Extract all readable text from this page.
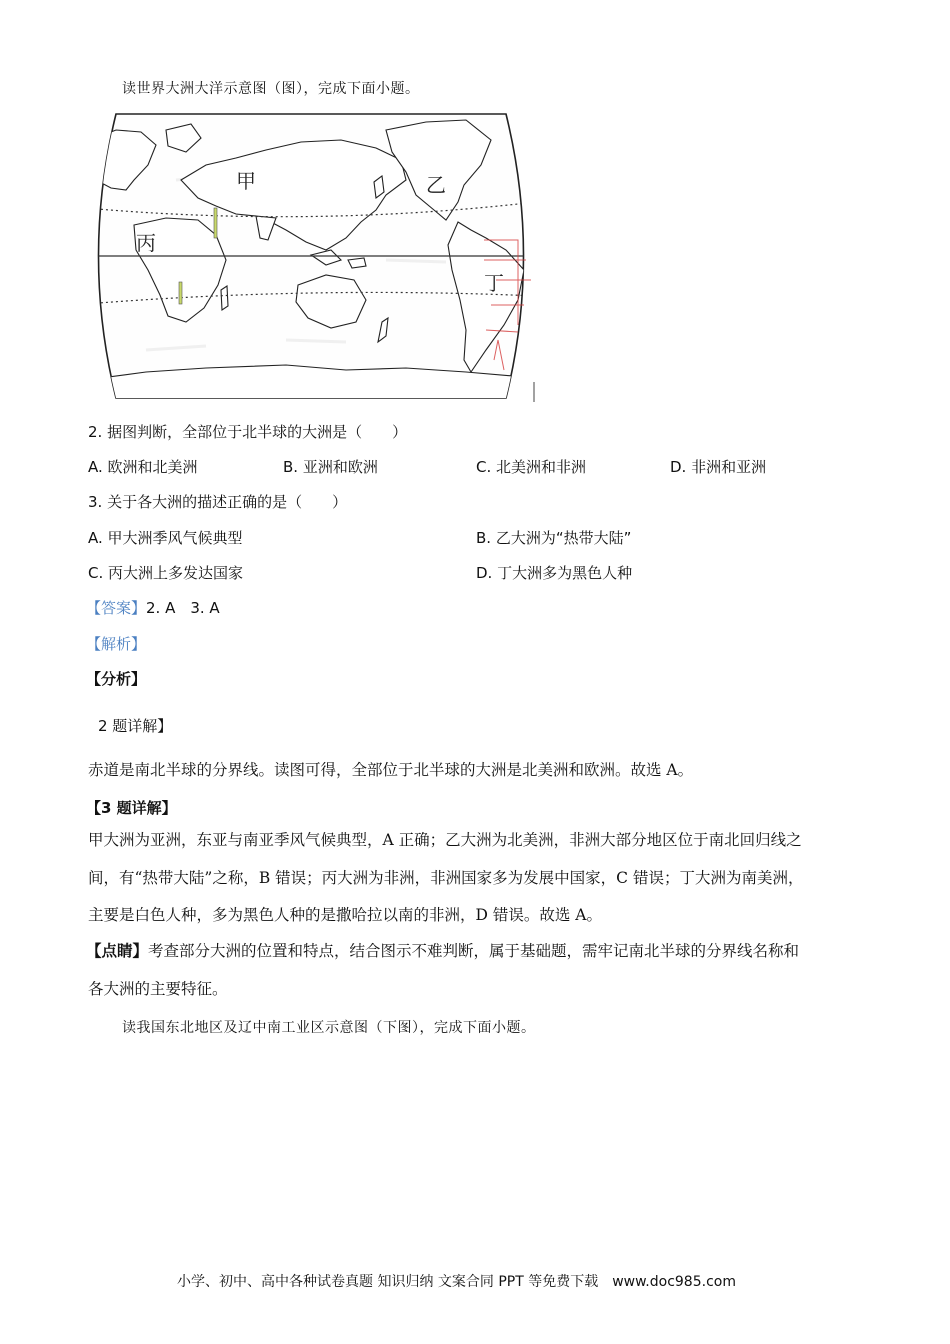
读世界大洲大洋示意图（图），完成下面小题。
甲	乙
丙
丁
2. 据图判断，全部位于北半球的大洲是（　　）
A. 欧洲和北美洲	B. 亚洲和欧洲	C. 北美洲和非洲	D. 非洲和亚洲
3. 关于各大洲的描述正确的是（　　）
A. 甲大洲季风气候典型	B. 乙大洲为“热带大陆”
C. 丙大洲上多发达国家	D. 丁大洲多为黑色人种
【答案】2. A　3. A
【解析】
【分析】
2 题详解】
赤道是南北半球的分界线。读图可得，全部位于北半球的大洲是北美洲和欧洲。故选 A。
【3 题详解】
甲大洲为亚洲，东亚与南亚季风气候典型，A 正确；乙大洲为北美洲，非洲大部分地区位于南北回归线之
间，有“热带大陆”之称，B 错误；丙大洲为非洲，非洲国家多为发展中国家，C 错误；丁大洲为南美洲，
主要是白色人种，多为黑色人种的是撒哈拉以南的非洲，D 错误。故选 A。
【点睛】考查部分大洲的位置和特点，结合图示不难判断，属于基础题，需牢记南北半球的分界线名称和
各大洲的主要特征。
读我国东北地区及辽中南工业区示意图（下图），完成下面小题。
小学、初中、高中各种试卷真题 知识归纳 文案合同 PPT 等免费下载　www.doc985.com
